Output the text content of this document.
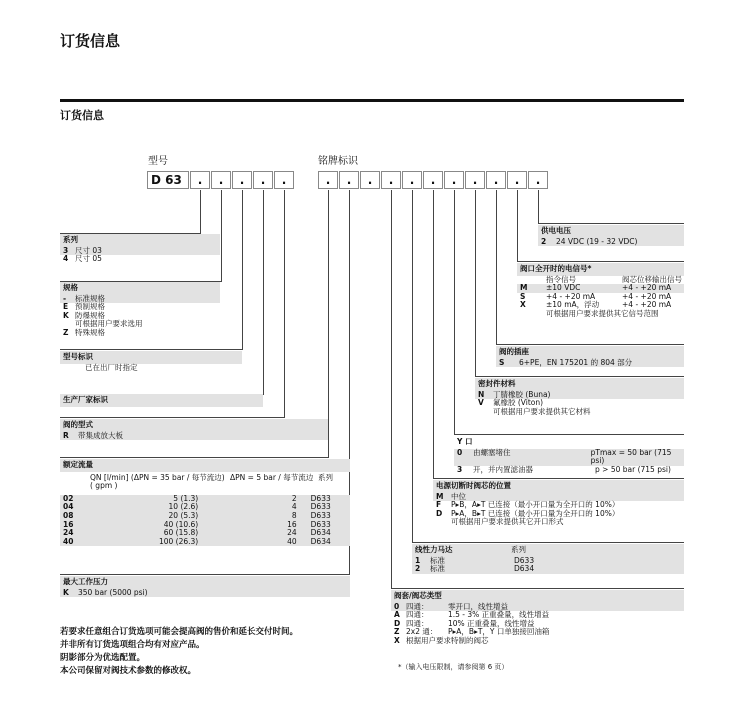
订货信息
订货信息
型号	铭牌标识
D 63	.	.	.	.	.	.	.	.	.	.	.	.	.	.	.	.
系列
3 尺寸 03
4 尺寸 05
规格
-	标准规格
E 预制规格
K 防爆规格
可根据用户要求选用
Z 特殊规格
型号标识
已在出厂时指定
生产厂家标识
阀的型式
R	带集成放大板
额定流量
QN [l/min] (ΔPN = 35 bar / 每节流边) ΔPN = 5 bar / 每节流边 系列
( gpm )
02	5 (1.3)	2	D633
04	10 (2.6)	4	D633
08	20 (5.3)	8	D633
16	40 (10.6)	16	D633
24	60 (15.8)	24	D634
40	100 (26.3)	40	D634
最大工作压力
K	350 bar (5000 psi)
供电电压
2	24 VDC (19 - 32 VDC)
阀口全开时的电信号*
指令信号	阀芯位移输出信号
M	±10 VDC	+4 - +20 mA
S	+4 - +20 mA	+4 - +20 mA
X	±10 mA，浮动	+4 - +20 mA
可根据用户要求提供其它信号范围
阀的插座
S	6+PE，EN 175201 的 804 部分
密封件材料
N	丁腈橡胶 (Buna)
V	氟橡胶 (Viton)
可根据用户要求提供其它材料
Y 口
0	由螺塞堵住	pTmax = 50 bar (715 psi)
3	开，并内置滤油器	p > 50 bar (715 psi)
电源切断时阀芯的位置
M	中位
F	P▸B，A▸T 已连接（最小开口量为全开口的 10%）
D	P▸A，B▸T 已连接（最小开口量为全开口的 10%）
可根据用户要求提供其它开口形式
线性力马达	系列
1	标准	D633
2	标准	D634
阀套/阀芯类型
0 四通：	零开口，线性增益
A 四通：	1.5 - 3% 正重叠量，线性增益
D 四通：	10% 正重叠量，线性增益
Z 2x2 通：	P▸A，B▸T，Y 口单独接回油箱
X 根据用户要求特制的阀芯
若要求任意组合订货选项可能会提高阀的售价和延长交付时间。
并非所有订货选项组合均有对应产品。
阴影部分为优选配置。
本公司保留对阀技术参数的修改权。	*（输入电压限制，请参阅第 6 页）
